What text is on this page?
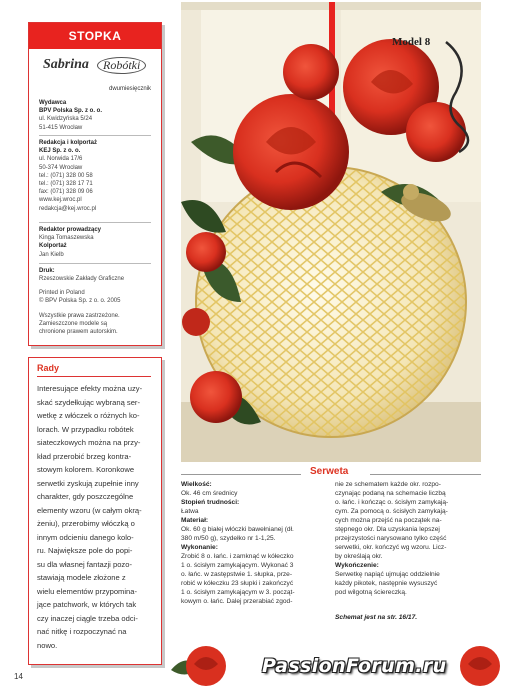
STOPKA
Sabrina	Robótki
dwumiesięcznik
Wydawca
BPV Polska Sp. z o. o.
ul. Kwidzyńska 5/24
51-415 Wrocław
Redakcja i kolportaż
KEJ Sp. z o. o.
ul. Norwida 17/6
50-374 Wrocław
tel.: (071) 328 00 58
tel.: (071) 328 17 71
fax: (071) 328 09 06
www.kej.wroc.pl
redakcja@kej.wroc.pl
Redaktor prowadzący
Kinga Tomaszewska
Kolportaż
Jan Kielb
Druk:
Rzeszowskie Zakłady Graficzne
Printed in Poland
© BPV Polska Sp. z o. o. 2005
Wszystkie prawa zastrzeżone.
Zamieszczone modele są
chronione prawem autorskim.
Rady
Interesujące efekty można uzy-
skać szydełkując wybraną ser-
wetkę z włóczek o różnych ko-
lorach. W przypadku robótek
siateczkowych można na przy-
kład przerobić brzeg kontra-
stowym kolorem. Koronkowe
serwetki zyskują zupełnie inny
charakter, gdy poszczególne
elementy wzoru (w całym okrą-
żeniu), przerobimy włóczką o
innym odcieniu danego kolo-
ru. Największe pole do popi-
su dla własnej fantazji pozo-
stawiają modele złożone z
wielu elementów przypomina-
jące patchwork, w których tak
czy inaczej ciągle trzeba odci-
nać nitkę i rozpoczynać na
nowo.
Model 8
Serweta
Wielkość:
Ok. 46 cm średnicy
Stopień trudności:
Łatwa
Materiał:
Ok. 60 g białej włóczki bawełnianej (dł.
380 m/50 g), szydełko nr 1-1,25.
Wykonanie:
Zrobić 8 o. łańc. i zamknąć w kółeczko
1 o. ścisłym zamykającym. Wykonać 3
o. łańc. w zastępstwie 1. słupka, prze-
robić w kółeczku 23 słupki i zakończyć
1 o. ścisłym zamykającym w 3. począt-
kowym o. łańc. Dalej przerabiać zgod-
nie ze schematem każde okr. rozpo-
czynając podaną na schemacie liczbą
o. łańc. i kończąc o. ścisłym zamykają-
cym. Za pomocą o. ścisłych zamykają-
cych można przejść na początek na-
stępnego okr. Dla uzyskania lepszej
przejrzystości narysowano tylko część
serwetki, okr. kończyć wg wzoru. Licz-
by określają okr.
Wykończenie:
Serwetkę napiąć ujmując oddzielnie
każdy pikotek, następnie wysuszyć
pod wilgotną ściereczką.
Schemat jest na str. 16/17.
PassionForum.ru
14
